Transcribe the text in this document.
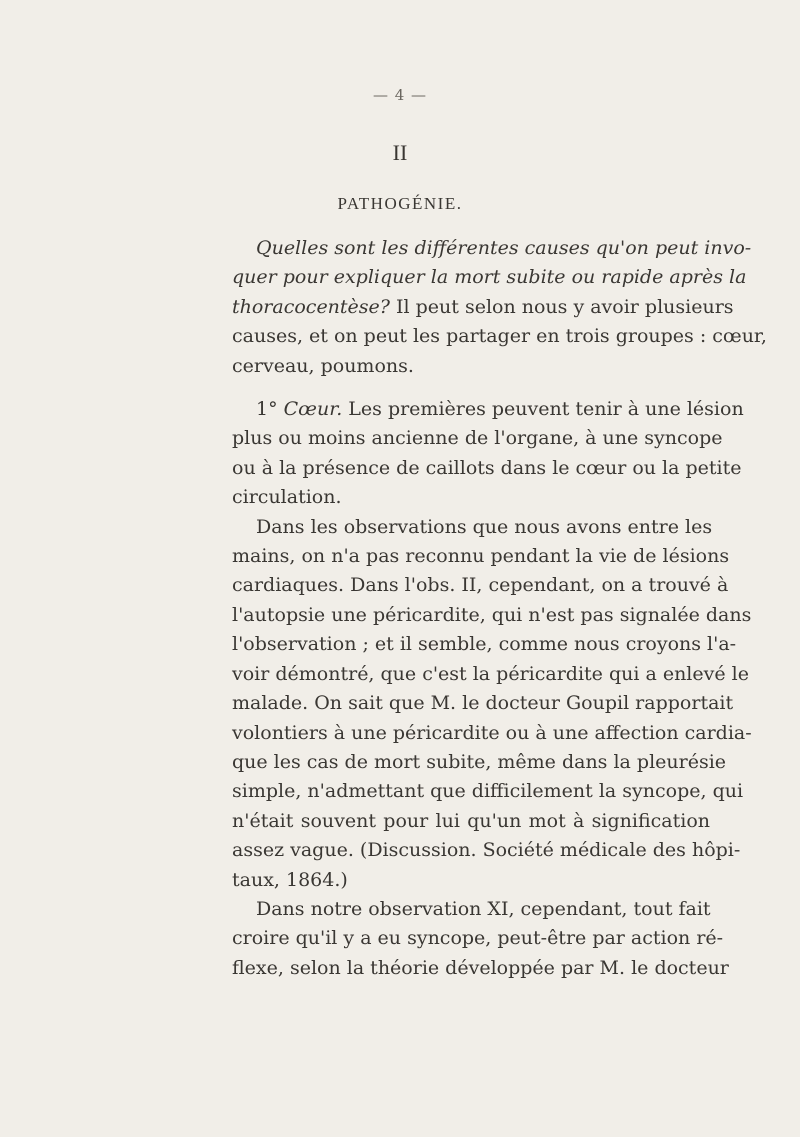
— 4 —
II
PATHOGÉNIE.
Quelles sont les différentes causes qu'on peut invo-
quer pour expliquer la mort subite ou rapide après la
thoracocentèse? Il peut selon nous y avoir plusieurs
causes, et on peut les partager en trois groupes : cœur,
cerveau, poumons.
1° Cœur. Les premières peuvent tenir à une lésion
plus ou moins ancienne de l'organe, à une syncope
ou à la présence de caillots dans le cœur ou la petite
circulation.
Dans les observations que nous avons entre les
mains, on n'a pas reconnu pendant la vie de lésions
cardiaques. Dans l'obs. II, cependant, on a trouvé à
l'autopsie une péricardite, qui n'est pas signalée dans
l'observation ; et il semble, comme nous croyons l'a-
voir démontré, que c'est la péricardite qui a enlevé le
malade. On sait que M. le docteur Goupil rapportait
volontiers à une péricardite ou à une affection cardia-
que les cas de mort subite, même dans la pleurésie
simple, n'admettant que difficilement la syncope, qui
n'était souvent pour lui qu'un mot à signification
assez vague. (Discussion. Société médicale des hôpi-
taux, 1864.)
Dans notre observation XI, cependant, tout fait
croire qu'il y a eu syncope, peut-être par action ré-
flexe, selon la théorie développée par M. le docteur
